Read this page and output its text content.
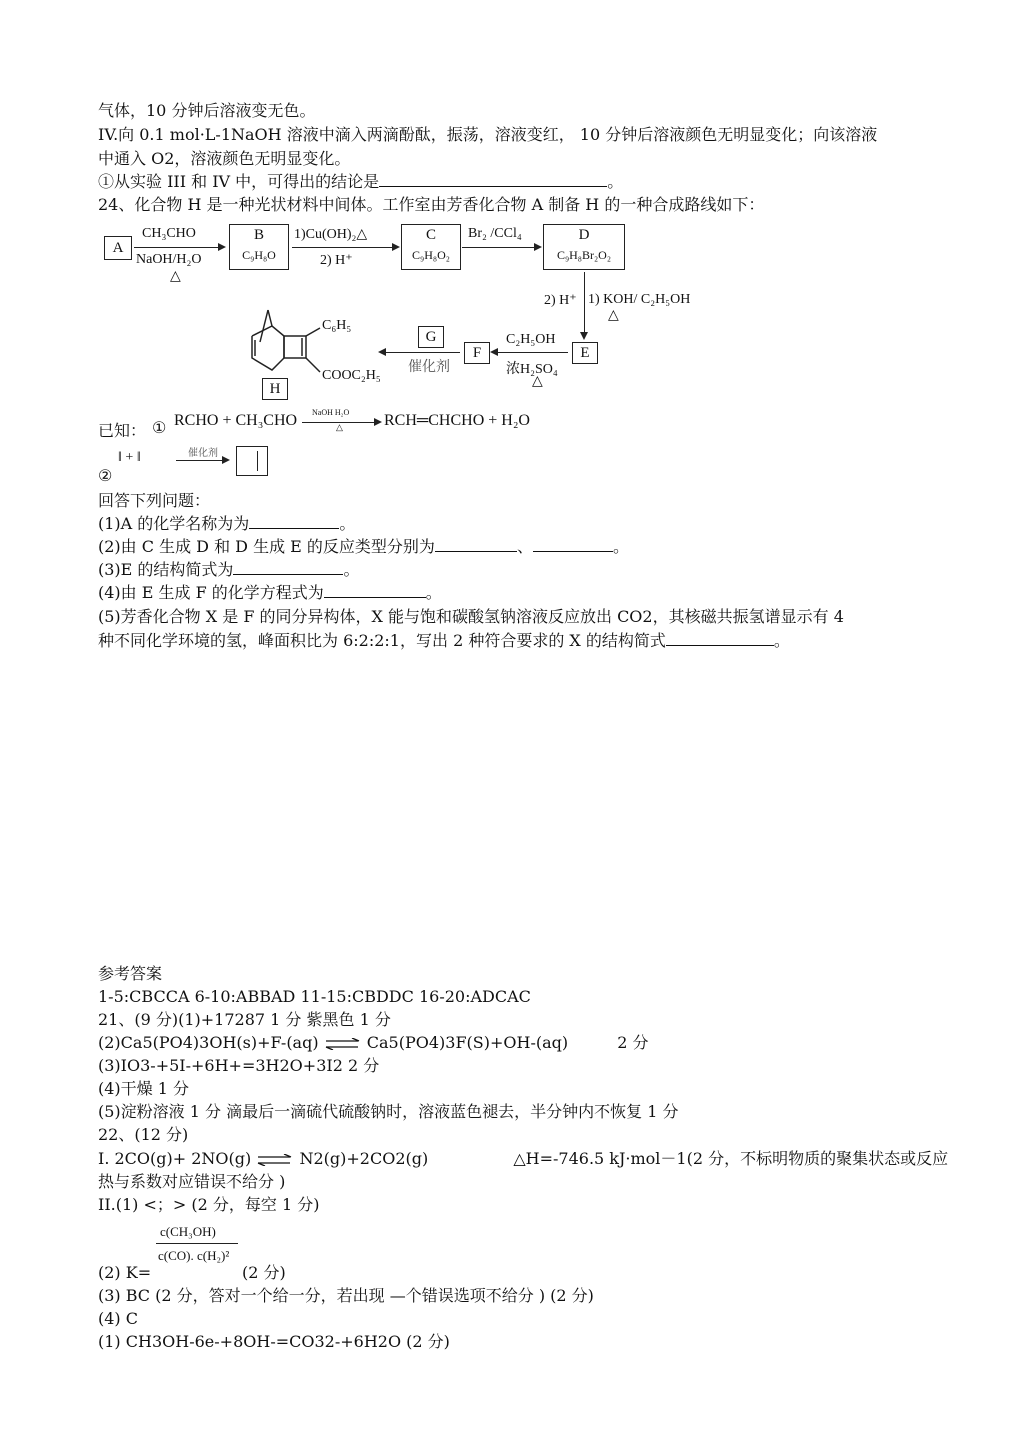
气体，10 分钟后溶液变无色。
IV.向 0.1 mol·L-1NaOH 溶液中滴入两滴酚酞，振荡，溶液变红， 10 分钟后溶液颜色无明显变化；向该溶液
中通入 O2，溶液颜色无明显变化。
①从实验 III 和 IV 中，可得出的结论是	。
24、化合物 H 是一种光状材料中间体。工作室由芳香化合物 A 制备 H 的一种合成路线如下：
A
CH₃CHO
NaOH/H₂O
△
B
C₉H₈O
1)Cu(OH)₂△
2) H⁺
C
C₉H₈O₂
Br₂ /CCl₄	D
C₉H₈Br₂O₂
2) H⁺ 1) KOH/ C₂H₅OH
△
E
C₂H₅OH
浓H₂SO₄
△
F
催化剂
G
C₆H₅
COOC₂H₅
H
已知： ① RCHO + CH₃CHO NaOH H₂O
△	RCH═CHCHO + H₂O
②
‖ + ‖	催化剂
回答下列问题：
(1)A 的化学名称为为	。
(2)由 C 生成 D 和 D 生成 E 的反应类型分别为	、	。
(3)E 的结构简式为	。
(4)由 E 生成 F 的化学方程式为	。
(5)芳香化合物 X 是 F 的同分异构体，X 能与饱和碳酸氢钠溶液反应放出 CO2，其核磁共振氢谱显示有 4
种不同化学环境的氢，峰面积比为 6:2:2:1，写出 2 种符合要求的 X 的结构简式	。
参考答案
1-5:CBCCA 6-10:ABBAD 11-15:CBDDC 16-20:ADCAC
21、(9 分)(1)+17287 1 分 紫黑色 1 分
(2)Ca5(PO4)3OH(s)+F-(aq) ⇌ Ca5(PO4)3F(S)+OH-(aq)	2 分
(3)IO3-+5I-+6H+=3H2O+3I2 2 分
(4)干燥 1 分
(5)淀粉溶液 1 分 滴最后一滴硫代硫酸钠时，溶液蓝色褪去，半分钟内不恢复 1 分
22、(12 分)
I. 2CO(g)+ 2NO(g) ⇌ N2(g)+2CO2(g)	△H=-746.5 kJ·mol－1(2 分，不标明物质的聚集状态或反应
热与系数对应错误不给分 )
II.(1) <；> (2 分，每空 1 分)
c(CH₃OH)
c(CO). c(H₂)²
(2) K=	(2 分)
(3) BC (2 分，答对一个给一分，若出现 —个错误选项不给分 ) (2 分)
(4) C
(1) CH3OH-6e-+8OH-=CO32-+6H2O (2 分)
